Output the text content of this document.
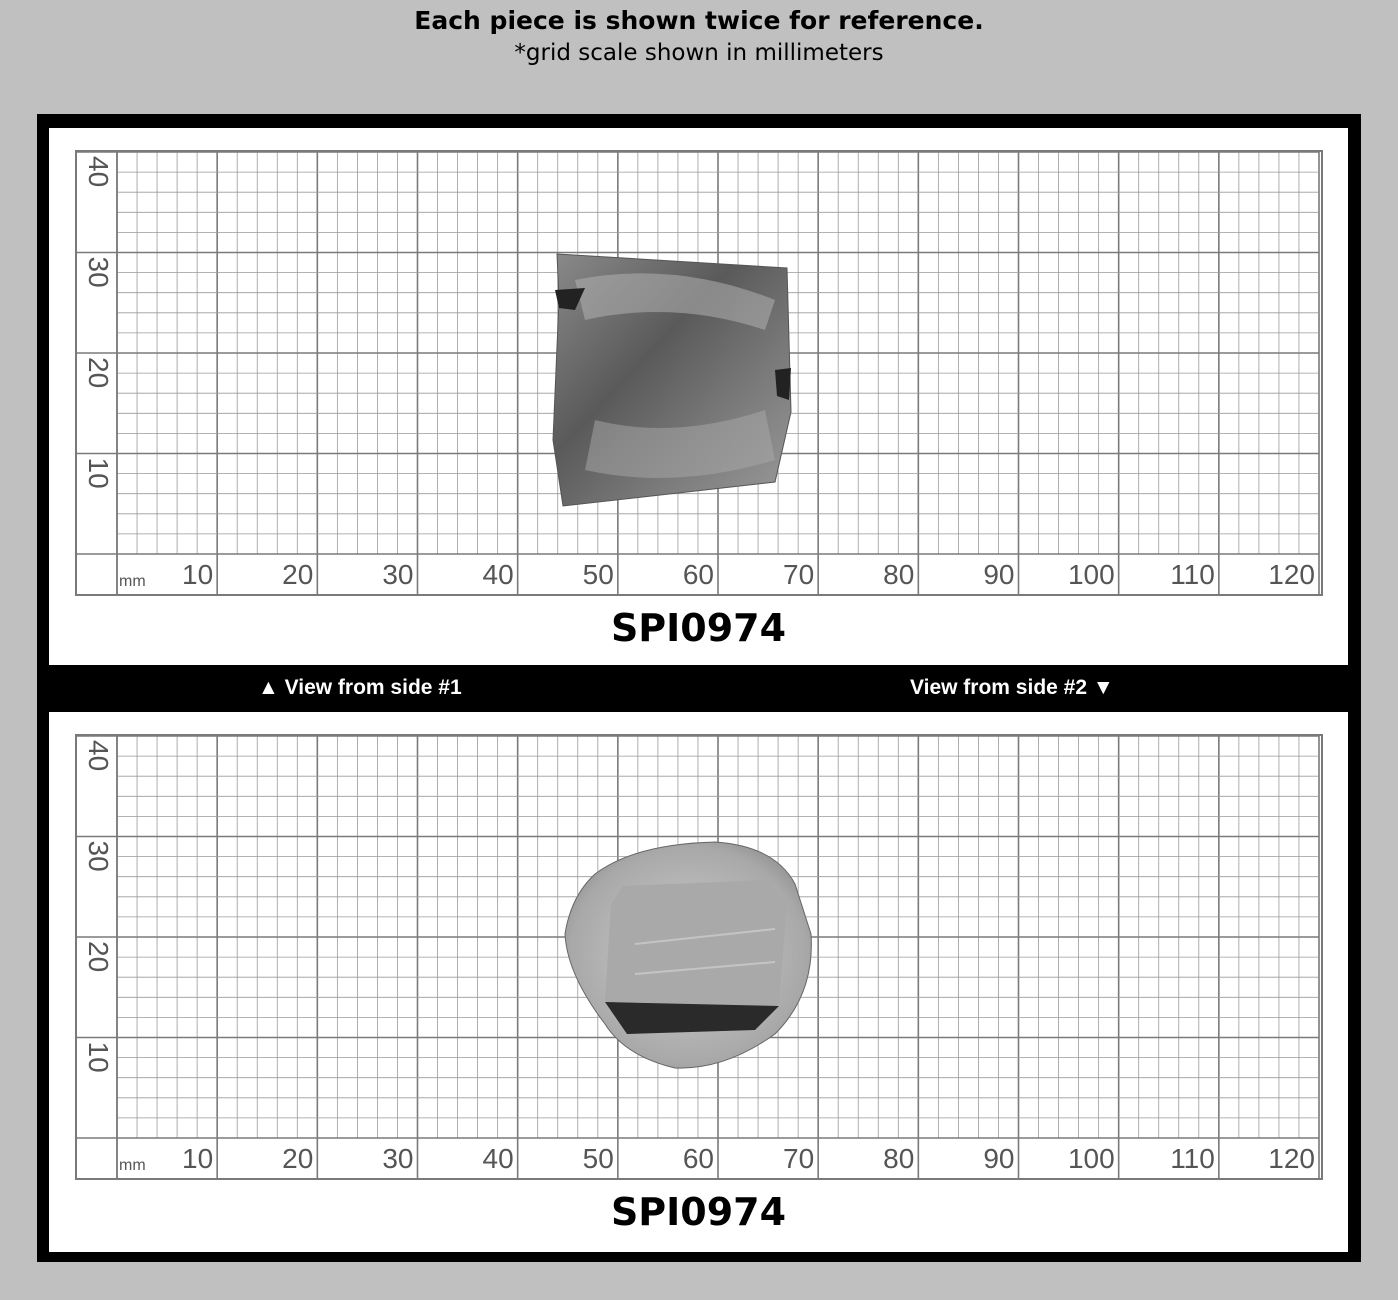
Each piece is shown twice for reference.
*grid scale shown in millimeters
10 20 30 40 50 60 70 80 90 100 110 120
mm
10
20
30
40
SPI0974
▲ View from side #1	View from side #2 ▼
10 20 30 40 50 60 70 80 90 100 110 120
mm
10
20
30
40
SPI0974
